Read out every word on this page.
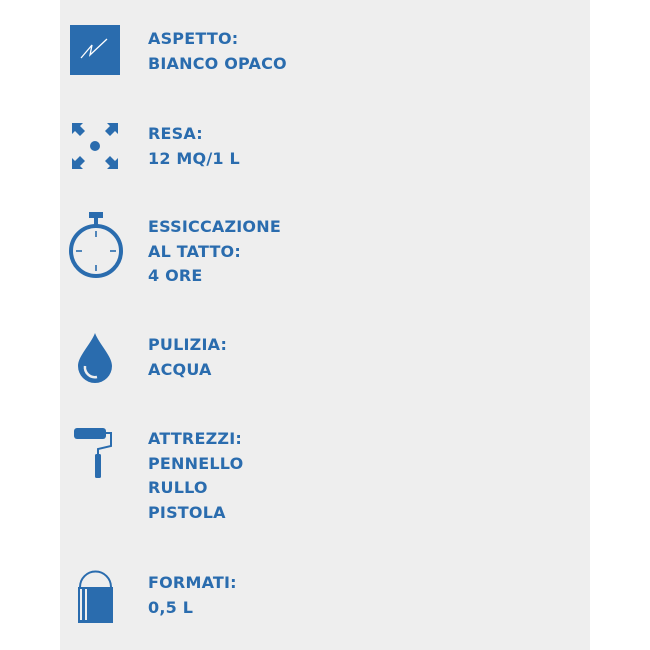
ASPETTO:
BIANCO OPACO
RESA:
12 MQ/1 L
ESSICCAZIONE
AL TATTO:
4 ORE
PULIZIA:
ACQUA
ATTREZZI:
PENNELLO
RULLO
PISTOLA
FORMATI:
0,5 L
